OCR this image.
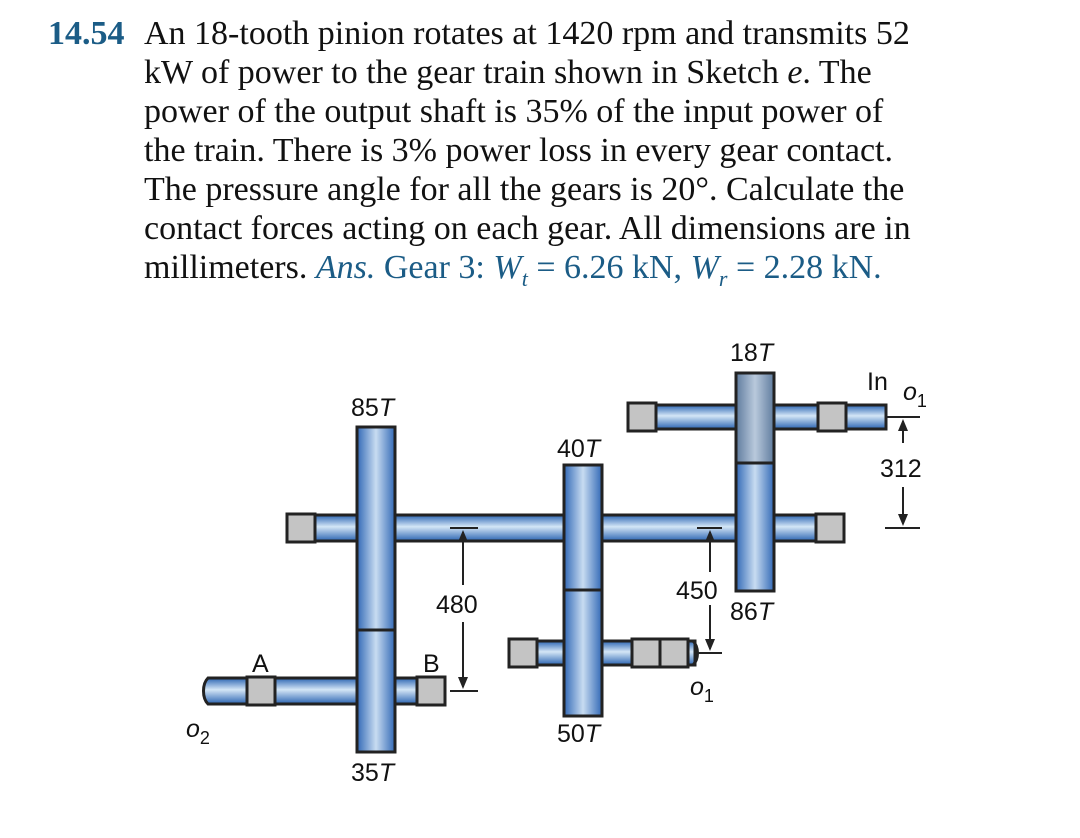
14.54 An 18-tooth pinion rotates at 1420 rpm and transmits 52
kW of power to the gear train shown in Sketch e. The
power of the output shaft is 35% of the input power of
the train. There is 3% power loss in every gear contact.
The pressure angle for all the gears is 20°. Calculate the
contact forces acting on each gear. All dimensions are in
millimeters. Ans. Gear 3: $W_t = 6.26$ kN, $W_r = 2.28$ kN.
18T
85T
40T
86T
50T
35T
A	B
In $o_1$
$o_1$
$o_2$
312
480	450
